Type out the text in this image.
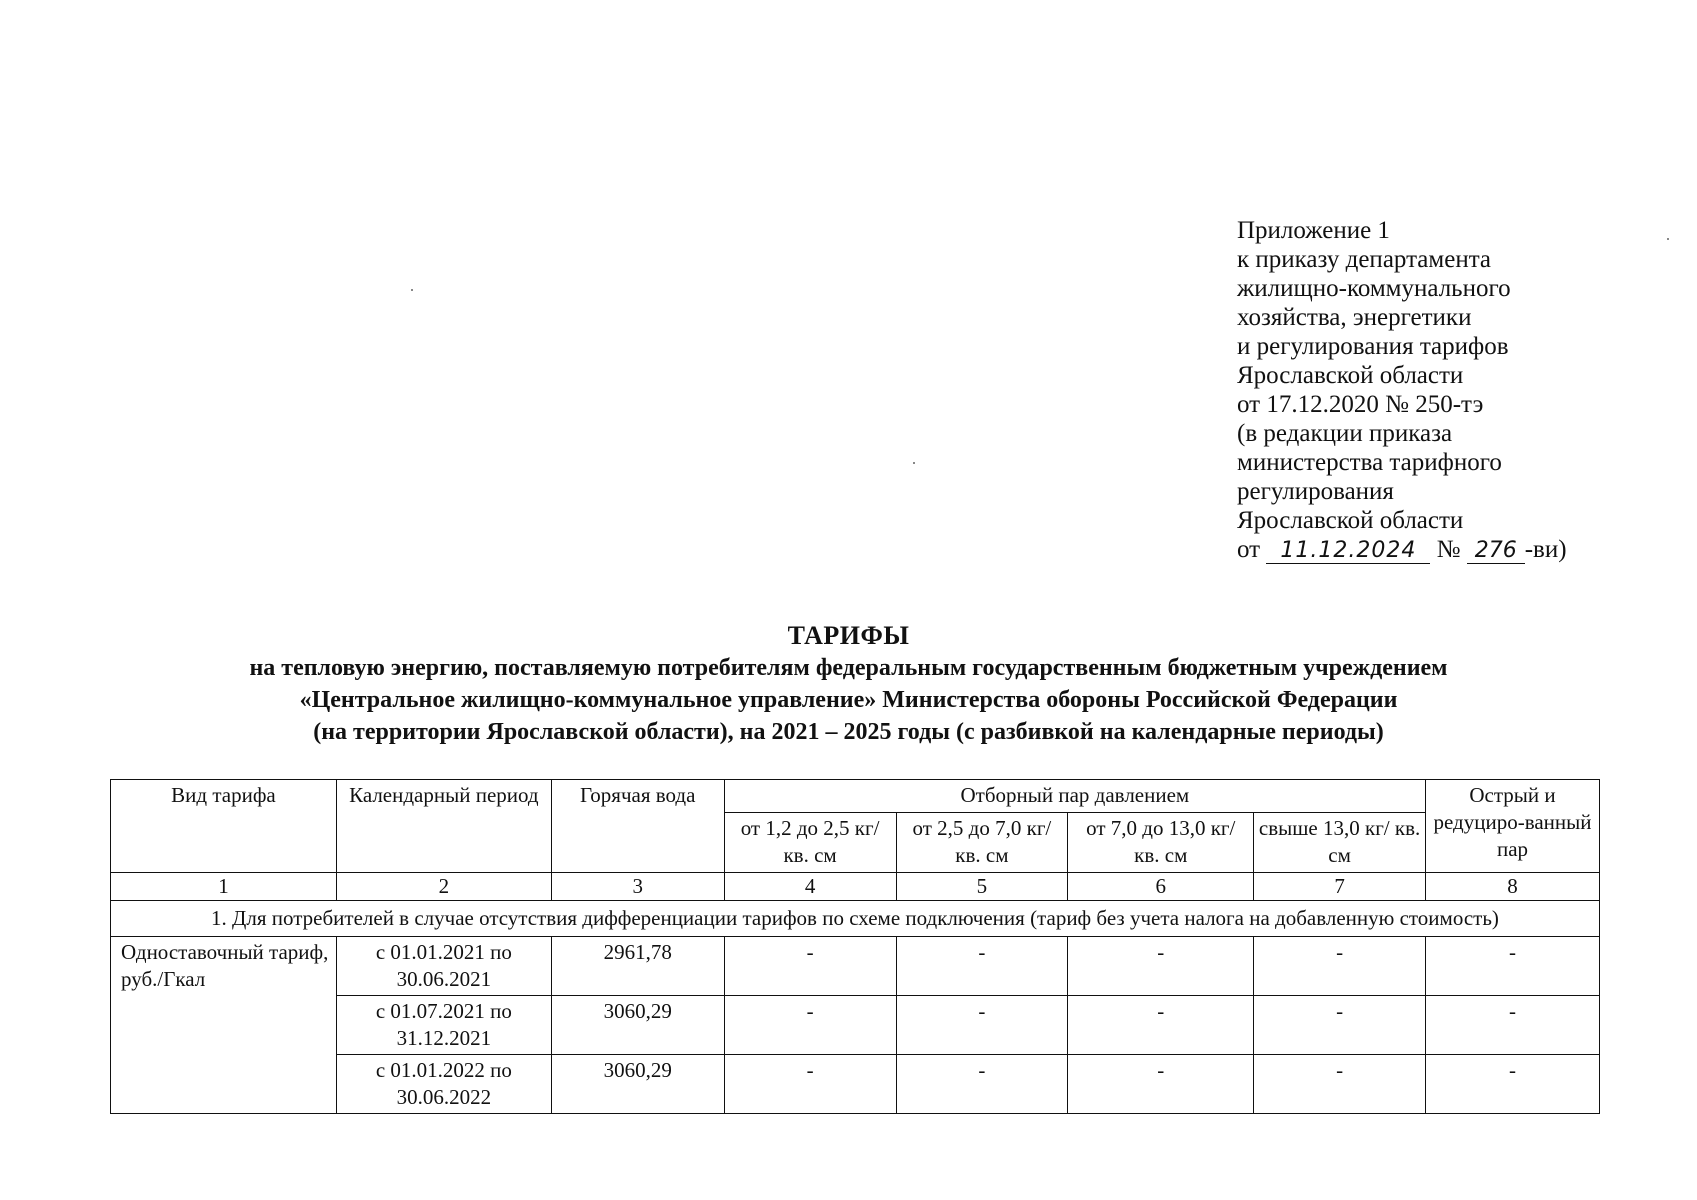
Приложение 1
к приказу департамента
жилищно-коммунального
хозяйства, энергетики
и регулирования тарифов
Ярославской области
от 17.12.2020 № 250-тэ
(в редакции приказа
министерства тарифного
регулирования
Ярославской области
от 11.12.2024 № 276 -ви)
ТАРИФЫ
на тепловую энергию, поставляемую потребителям федеральным государственным бюджетным учреждением
«Центральное жилищно-коммунальное управление» Министерства обороны Российской Федерации
(на территории Ярославской области), на 2021 – 2025 годы (с разбивкой на календарные периоды)
Вид тарифа	Календарный период	Горячая вода	Отборный пар давлением				Острый и редуциро-ванный пар
			от 1,2 до 2,5 кг/ кв. см	от 2,5 до 7,0 кг/ кв. см	от 7,0 до 13,0 кг/ кв. см	свыше 13,0 кг/ кв. см	
1	2	3	4	5	6	7	8
1. Для потребителей в случае отсутствия дифференциации тарифов по схеме подключения (тариф без учета налога на добавленную стоимость)							
Одноставочный тариф, руб./Гкал	с 01.01.2021 по 30.06.2021	2961,78	-	-	-	-	-
	с 01.07.2021 по 31.12.2021	3060,29	-	-	-	-	-
	с 01.01.2022 по 30.06.2022	3060,29	-	-	-	-	-
